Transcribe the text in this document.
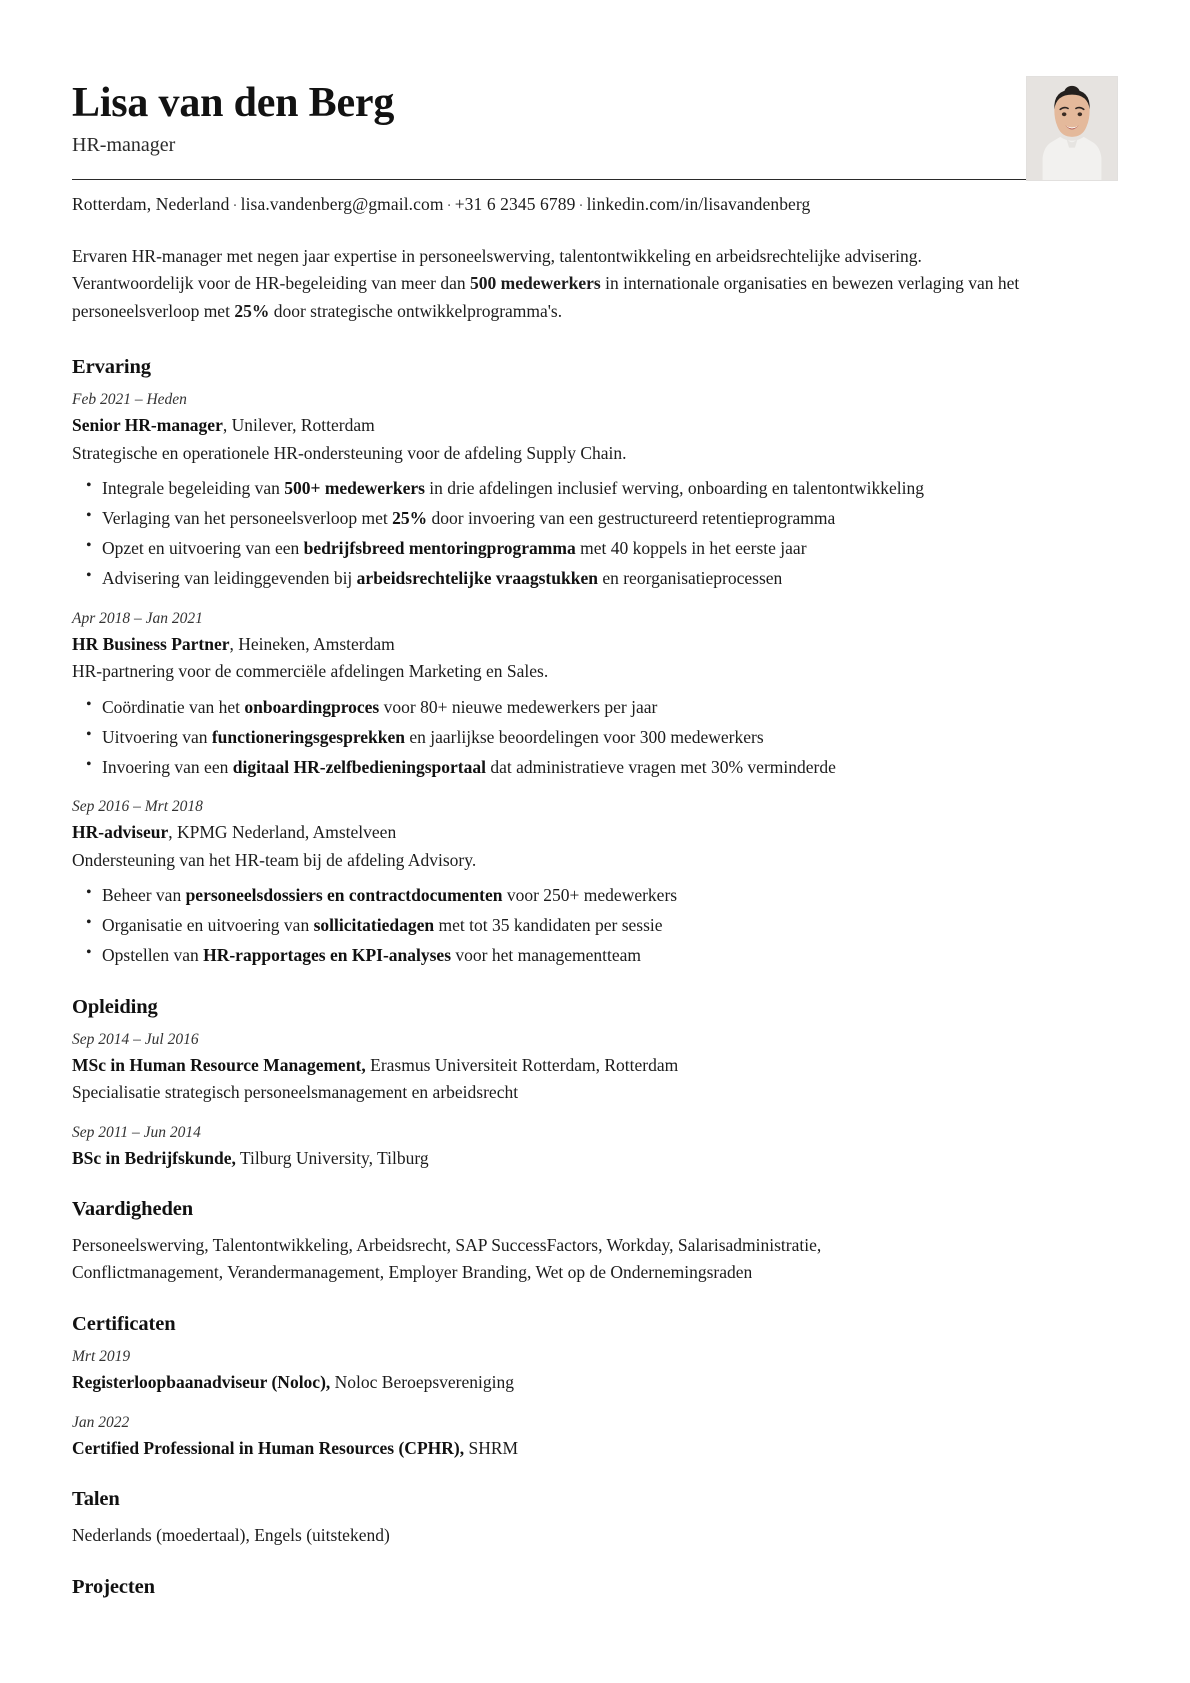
Lisa van den Berg
HR-manager
Rotterdam, Nederland · lisa.vandenberg@gmail.com · +31 6 2345 6789 · linkedin.com/in/lisavandenberg

Ervaren HR-manager met negen jaar expertise in personeelswerving, talentontwikkeling en arbeidsrechtelijke advisering. Verantwoordelijk voor de HR-begeleiding van meer dan 500 medewerkers in internationale organisaties en bewezen verlaging van het personeelsverloop met 25% door strategische ontwikkelprogramma's.

Ervaring
Feb 2021 – Heden
Senior HR-manager, Unilever, Rotterdam
Strategische en operationele HR-ondersteuning voor de afdeling Supply Chain.
• Integrale begeleiding van 500+ medewerkers in drie afdelingen inclusief werving, onboarding en talentontwikkeling
• Verlaging van het personeelsverloop met 25% door invoering van een gestructureerd retentieprogramma
• Opzet en uitvoering van een bedrijfsbreed mentoringprogramma met 40 koppels in het eerste jaar
• Advisering van leidinggevenden bij arbeidsrechtelijke vraagstukken en reorganisatieprocessen
Apr 2018 – Jan 2021
HR Business Partner, Heineken, Amsterdam
HR-partnering voor de commerciële afdelingen Marketing en Sales.
• Coördinatie van het onboardingproces voor 80+ nieuwe medewerkers per jaar
• Uitvoering van functioneringsgesprekken en jaarlijkse beoordelingen voor 300 medewerkers
• Invoering van een digitaal HR-zelfbedieningsportaal dat administratieve vragen met 30% verminderde
Sep 2016 – Mrt 2018
HR-adviseur, KPMG Nederland, Amstelveen
Ondersteuning van het HR-team bij de afdeling Advisory.
• Beheer van personeelsdossiers en contractdocumenten voor 250+ medewerkers
• Organisatie en uitvoering van sollicitatiedagen met tot 35 kandidaten per sessie
• Opstellen van HR-rapportages en KPI-analyses voor het managementteam
Opleiding
Sep 2014 – Jul 2016
MSc in Human Resource Management, Erasmus Universiteit Rotterdam, Rotterdam
Specialisatie strategisch personeelsmanagement en arbeidsrecht
Sep 2011 – Jun 2014
BSc in Bedrijfskunde, Tilburg University, Tilburg
Vaardigheden
Personeelswerving, Talentontwikkeling, Arbeidsrecht, SAP SuccessFactors, Workday, Salarisadministratie, Conflictmanagement, Verandermanagement, Employer Branding, Wet op de Ondernemingsraden
Certificaten
Mrt 2019
Registerloopbaanadviseur (Noloc), Noloc Beroepsvereniging
Jan 2022
Certified Professional in Human Resources (CPHR), SHRM
Talen
Nederlands (moedertaal), Engels (uitstekend)
Projecten
